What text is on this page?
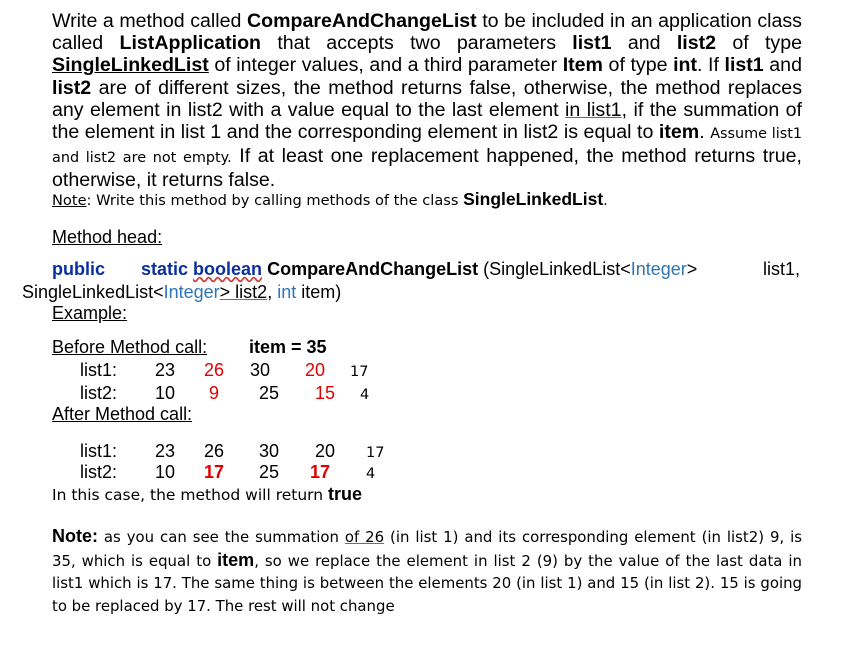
Write a method called CompareAndChangeList to be included in an application class called ListApplication that accepts two parameters list1 and list2 of type SingleLinkedList of integer values, and a third parameter Item of type int. If list1 and list2 are of different sizes, the method returns false, otherwise, the method replaces any element in list2 with a value equal to the last element in list1, if the summation of the element in list 1 and the corresponding element in list2 is equal to item. Assume list1 and list2 are not empty. If at least one replacement happened, the method returns true, otherwise, it returns false.
Note: Write this method by calling methods of the class SingleLinkedList.
Method head:
public static boolean CompareAndChangeList (SingleLinkedList<Integer>	list1,
SingleLinkedList<Integer> list2, int item)
Example:
Before Method call: item = 35
list1: 23 26 30 20 17
list2: 10 9 25 15 4
After Method call:
list1: 23 26 30 20 17
list2: 10 17 25 17 4
In this case, the method will return true
Note: as you can see the summation of 26 (in list 1) and its corresponding element (in list2) 9, is 35, which is equal to item, so we replace the element in list 2 (9) by the value of the last data in list1 which is 17. The same thing is between the elements 20 (in list 1) and 15 (in list 2). 15 is going to be replaced by 17. The rest will not change
